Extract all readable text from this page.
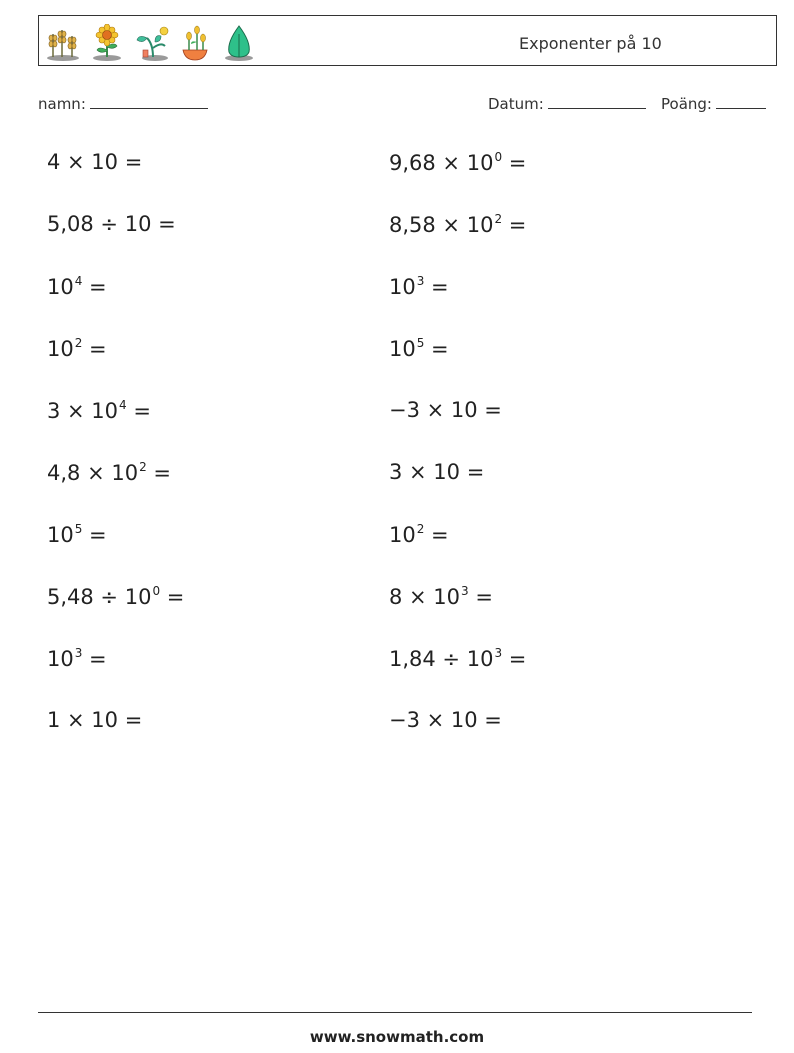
Exponenter på 10
namn:	Datum:	Poäng:
4 × 10 =	$9,68 \times 10^0$ =
5,08 ÷ 10 =	$8,58 \times 10^2$ =
$10^4$ =	$10^3$ =
$10^2$ =	$10^5$ =
$3 \times 10^4$ =	−3 × 10 =
$4,8 \times 10^2$ =	3 × 10 =
$10^5$ =	$10^2$ =
$5,48 \div 10^0$ =	$8 \times 10^3$ =
$10^3$ =	$1,84 \div 10^3$ =
1 × 10 =	−3 × 10 =
www.snowmath.com
